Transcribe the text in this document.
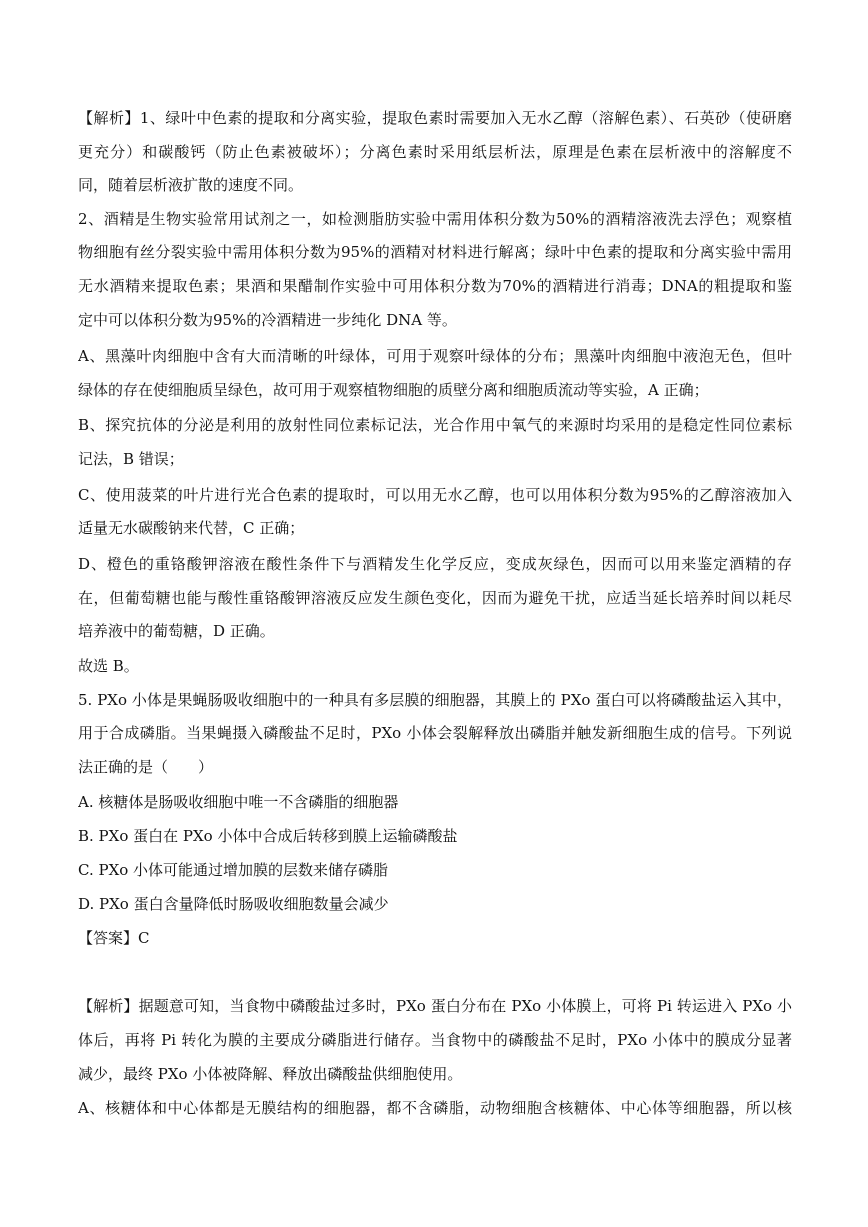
【解析】1、绿叶中色素的提取和分离实验，提取色素时需要加入无水乙醇（溶解色素）、石英砂（使研磨
更充分）和碳酸钙（防止色素被破坏）；分离色素时采用纸层析法，原理是色素在层析液中的溶解度不
同，随着层析液扩散的速度不同。
2、酒精是生物实验常用试剂之一，如检测脂肪实验中需用体积分数为50%的酒精溶液洗去浮色；观察植
物细胞有丝分裂实验中需用体积分数为95%的酒精对材料进行解离；绿叶中色素的提取和分离实验中需用
无水酒精来提取色素；果酒和果醋制作实验中可用体积分数为70%的酒精进行消毒；DNA的粗提取和鉴
定中可以体积分数为95%的冷酒精进一步纯化 DNA 等。
A、黑藻叶肉细胞中含有大而清晰的叶绿体，可用于观察叶绿体的分布；黑藻叶肉细胞中液泡无色，但叶
绿体的存在使细胞质呈绿色，故可用于观察植物细胞的质壁分离和细胞质流动等实验，A 正确；
B、探究抗体的分泌是利用的放射性同位素标记法，光合作用中氧气的来源时均采用的是稳定性同位素标
记法，B 错误；
C、使用菠菜的叶片进行光合色素的提取时，可以用无水乙醇，也可以用体积分数为95%的乙醇溶液加入
适量无水碳酸钠来代替，C 正确；
D、橙色的重铬酸钾溶液在酸性条件下与酒精发生化学反应，变成灰绿色，因而可以用来鉴定酒精的存
在，但葡萄糖也能与酸性重铬酸钾溶液反应发生颜色变化，因而为避免干扰，应适当延长培养时间以耗尽
培养液中的葡萄糖，D 正确。
故选 B。
5. PXo 小体是果蝇肠吸收细胞中的一种具有多层膜的细胞器，其膜上的 PXo 蛋白可以将磷酸盐运入其中，
用于合成磷脂。当果蝇摄入磷酸盐不足时，PXo 小体会裂解释放出磷脂并触发新细胞生成的信号。下列说
法正确的是（　　）
A. 核糖体是肠吸收细胞中唯一不含磷脂的细胞器
B. PXo 蛋白在 PXo 小体中合成后转移到膜上运输磷酸盐
C. PXo 小体可能通过增加膜的层数来储存磷脂
D. PXo 蛋白含量降低时肠吸收细胞数量会减少
【答案】C
【解析】据题意可知，当食物中磷酸盐过多时，PXo 蛋白分布在 PXo 小体膜上，可将 Pi 转运进入 PXo 小
体后，再将 Pi 转化为膜的主要成分磷脂进行储存。当食物中的磷酸盐不足时，PXo 小体中的膜成分显著
减少，最终 PXo 小体被降解、释放出磷酸盐供细胞使用。
A、核糖体和中心体都是无膜结构的细胞器，都不含磷脂，动物细胞含核糖体、中心体等细胞器，所以核
